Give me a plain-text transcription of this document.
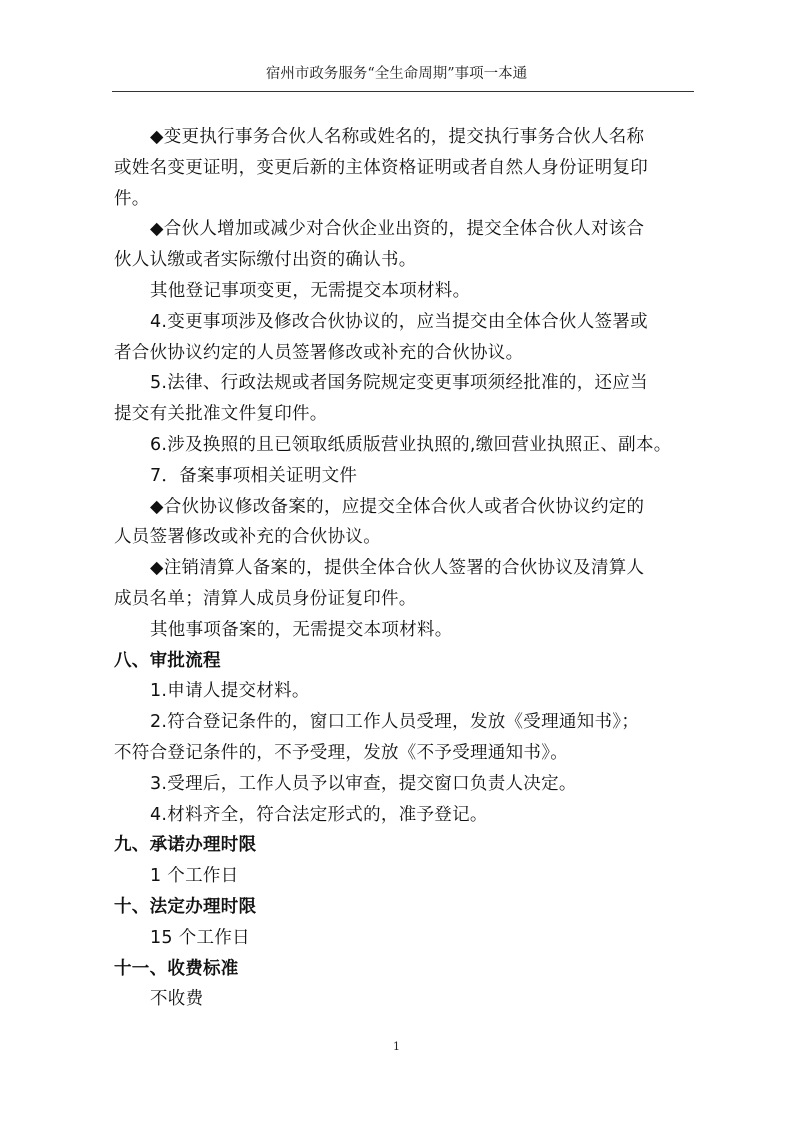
宿州市政务服务“全生命周期”事项一本通

◆变更执行事务合伙人名称或姓名的，提交执行事务合伙人名称

或姓名变更证明，变更后新的主体资格证明或者自然人身份证明复印

件。

◆合伙人增加或减少对合伙企业出资的，提交全体合伙人对该合

伙人认缴或者实际缴付出资的确认书。

其他登记事项变更，无需提交本项材料。

4.变更事项涉及修改合伙协议的，应当提交由全体合伙人签署或

者合伙协议约定的人员签署修改或补充的合伙协议。

5.法律、行政法规或者国务院规定变更事项须经批准的，还应当

提交有关批准文件复印件。

6.涉及换照的且已领取纸质版营业执照的,缴回营业执照正、副本。

7．备案事项相关证明文件

◆合伙协议修改备案的，应提交全体合伙人或者合伙协议约定的

人员签署修改或补充的合伙协议。

◆注销清算人备案的，提供全体合伙人签署的合伙协议及清算人

成员名单；清算人成员身份证复印件。

其他事项备案的，无需提交本项材料。

八、审批流程

1.申请人提交材料。

2.符合登记条件的，窗口工作人员受理，发放《受理通知书》；

不符合登记条件的，不予受理，发放《不予受理通知书》。

3.受理后，工作人员予以审查，提交窗口负责人决定。

4.材料齐全，符合法定形式的，准予登记。

九、承诺办理时限

1 个工作日

十、法定办理时限

15 个工作日

十一、收费标准

不收费

1
